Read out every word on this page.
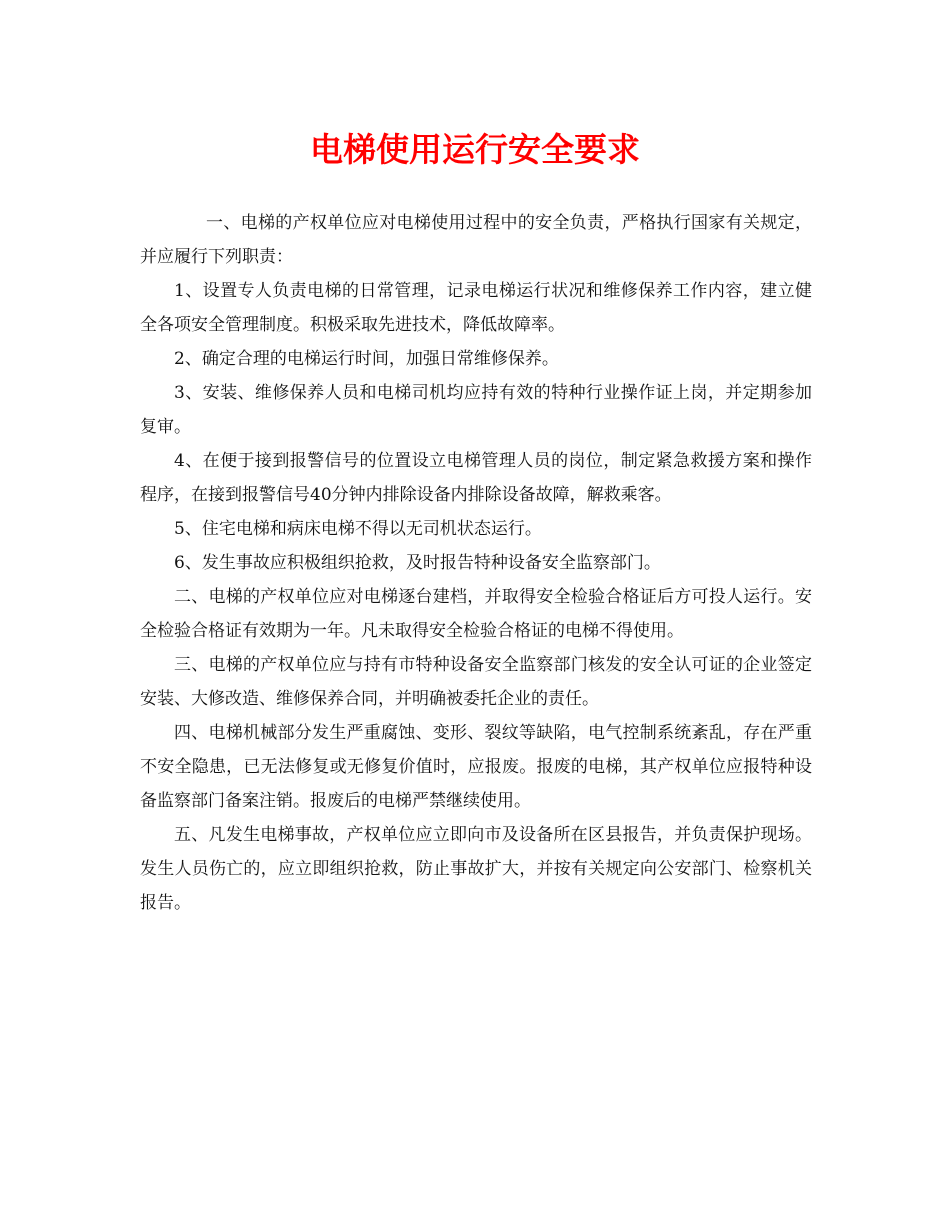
电梯使用运行安全要求

一、电梯的产权单位应对电梯使用过程中的安全负责，严格执行国家有关规定，并应履行下列职责：

1、设置专人负责电梯的日常管理，记录电梯运行状况和维修保养工作内容，建立健全各项安全管理制度。积极采取先进技术，降低故障率。

2、确定合理的电梯运行时间，加强日常维修保养。

3、安装、维修保养人员和电梯司机均应持有效的特种行业操作证上岗，并定期参加复审。

4、在便于接到报警信号的位置设立电梯管理人员的岗位，制定紧急救援方案和操作程序，在接到报警信号40分钟内排除设备内排除设备故障，解救乘客。

5、住宅电梯和病床电梯不得以无司机状态运行。

6、发生事故应积极组织抢救，及时报告特种设备安全监察部门。

二、电梯的产权单位应对电梯逐台建档，并取得安全检验合格证后方可投人运行。安全检验合格证有效期为一年。凡未取得安全检验合格证的电梯不得使用。

三、电梯的产权单位应与持有市特种设备安全监察部门核发的安全认可证的企业签定安装、大修改造、维修保养合同，并明确被委托企业的责任。

四、电梯机械部分发生严重腐蚀、变形、裂纹等缺陷，电气控制系统紊乱，存在严重不安全隐患，已无法修复或无修复价值时，应报废。报废的电梯，其产权单位应报特种设备监察部门备案注销。报废后的电梯严禁继续使用。

五、凡发生电梯事故，产权单位应立即向市及设备所在区县报告，并负责保护现场。发生人员伤亡的，应立即组织抢救，防止事故扩大，并按有关规定向公安部门、检察机关报告。
